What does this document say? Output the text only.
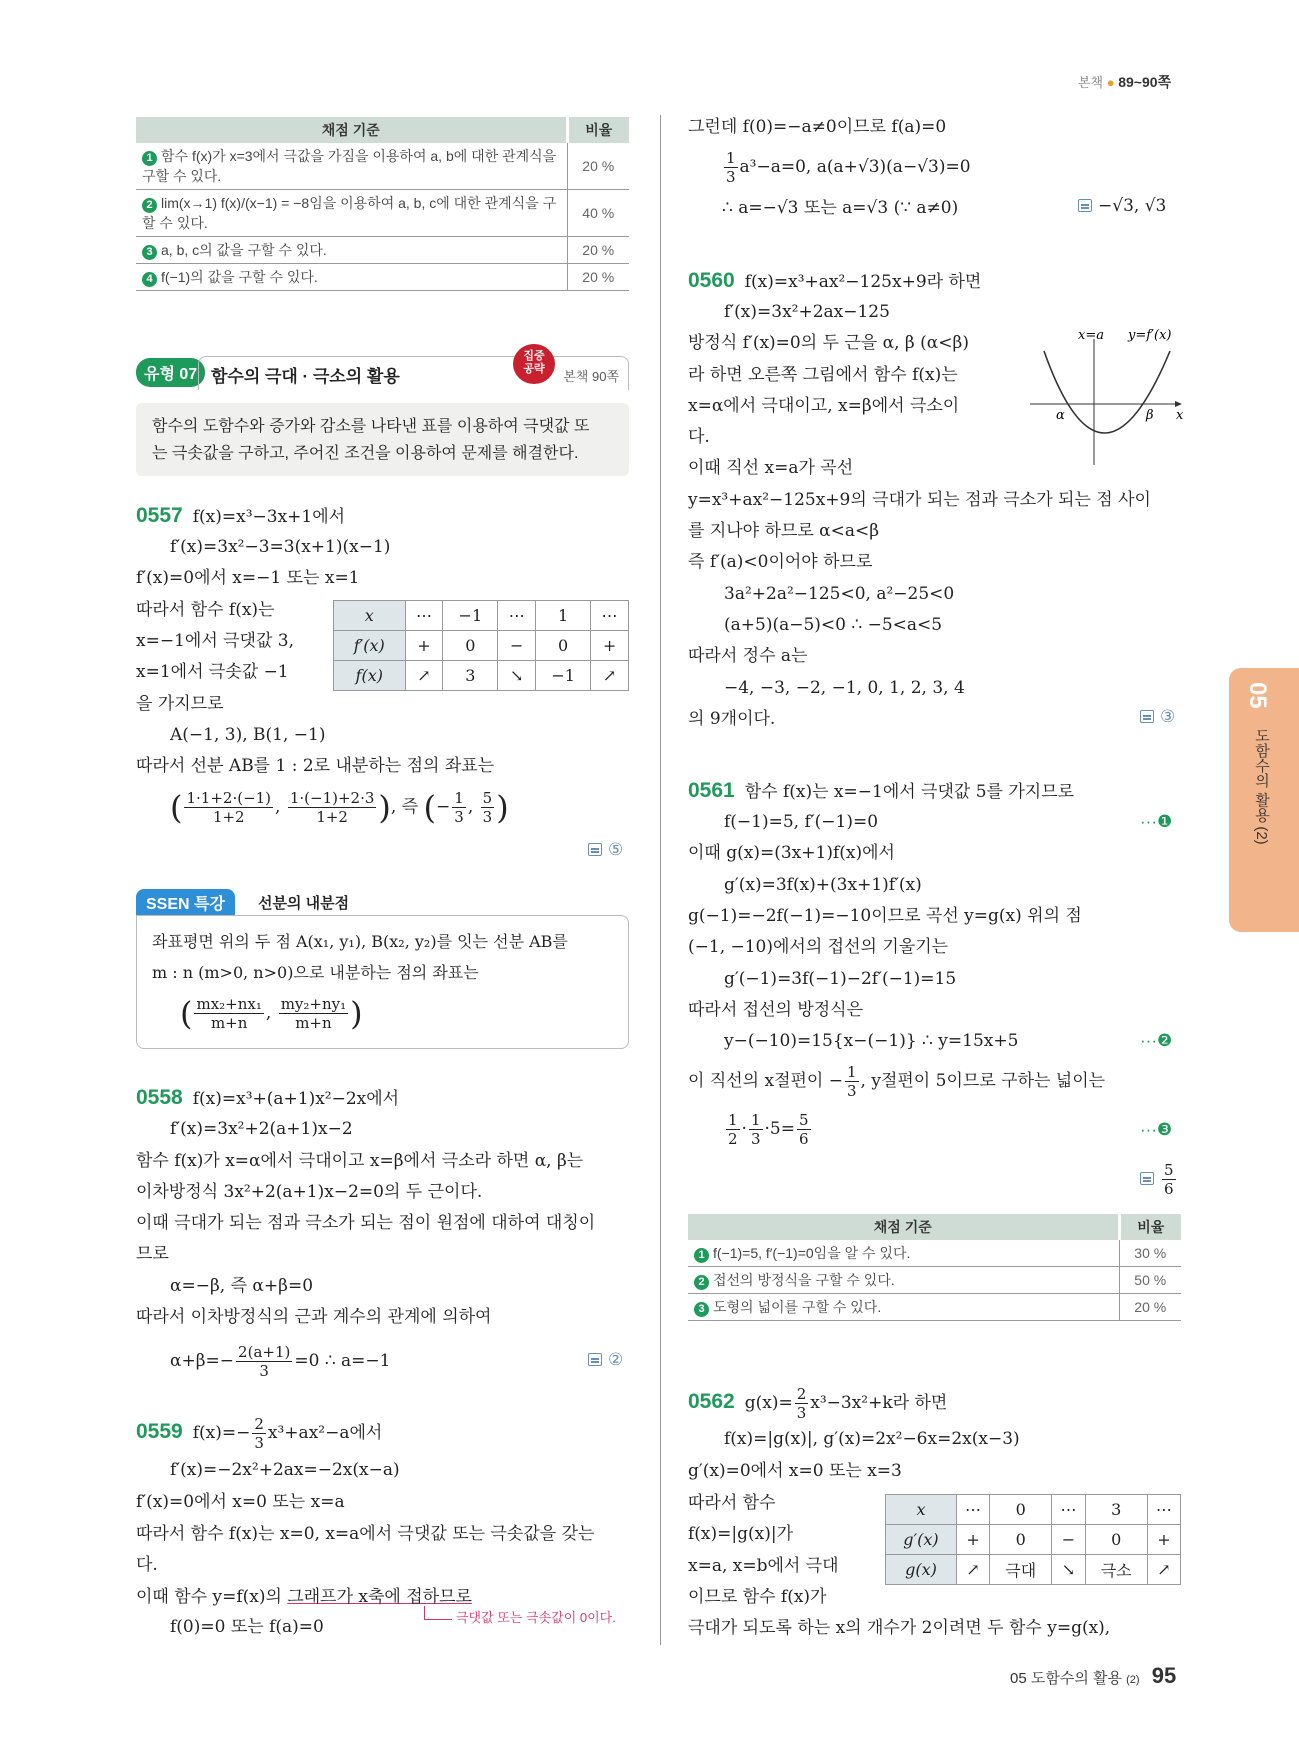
본책 ● 89~90쪽
채점 기준	비율
1 함수 f(x)가 x=3에서 극값을 가짐을 이용하여 a, b에 대한 관계식을 구할 수 있다.	20 %
2 lim(x→1) f(x)/(x−1) = −8임을 이용하여 a, b, c에 대한 관계식을 구할 수 있다.	40 %
3 a, b, c의 값을 구할 수 있다.	20 %
4 f(−1)의 값을 구할 수 있다.	20 %
유형 07 함수의 극대 · 극소의 활용
집중 공략	본책 90쪽
함수의 도함수와 증가와 감소를 나타낸 표를 이용하여 극댓값 또
는 극솟값을 구하고, 주어진 조건을 이용하여 문제를 해결한다.
0557 f(x)=x³−3x+1에서
f′(x)=3x²−3=3(x+1)(x−1)
f′(x)=0에서 x=−1 또는 x=1
따라서 함수 f(x)는
x=−1에서 극댓값 3,
x=1에서 극솟값 −1
을 가지므로
x	⋯	−1	⋯	1	⋯
f′(x)	+	0	−	0	+
f(x)	↗	3	↘	−1	↗
A(−1, 3), B(1, −1)
따라서 선분 AB를 1 : 2로 내분하는 점의 좌표는
( $\frac{1\cdot 1+2\cdot(-1)}{1+2}$ , $\frac{1\cdot(-1)+2\cdot 3}{1+2}$ ), 즉 (− $\frac{1}{3}$ , $\frac{5}{3}$ )
⑤
SSEN 특강	선분의 내분점
좌표평면 위의 두 점 A(x₁, y₁), B(x₂, y₂)를 잇는 선분 AB를
m : n (m>0, n>0)으로 내분하는 점의 좌표는
( $\frac{\text{mx₂+nx₁}}{m+n}$ , $\frac{\text{my₂+ny₁}}{m+n}$ )
0558 f(x)=x³+(a+1)x²−2x에서
f′(x)=3x²+2(a+1)x−2
함수 f(x)가 x=α에서 극대이고 x=β에서 극소라 하면 α, β는
이차방정식 3x²+2(a+1)x−2=0의 두 근이다.
이때 극대가 되는 점과 극소가 되는 점이 원점에 대하여 대칭이
므로
α=−β, 즉 α+β=0
따라서 이차방정식의 근과 계수의 관계에 의하여
$\alpha+\beta=- \frac{2(a+1)}{3} =0$ ∴ a=−1	②
0559 $f(x)=- \frac{2}{3} x^3+ax^2-a$에서
f′(x)=−2x²+2ax=−2x(x−a)
f′(x)=0에서 x=0 또는 x=a
따라서 함수 f(x)는 x=0, x=a에서 극댓값 또는 극솟값을 갖는
다.
이때 함수 y=f(x)의 그래프가 x축에 접하므로
극댓값 또는 극솟값이 0이다.
f(0)=0 또는 f(a)=0
그런데 f(0)=−a≠0이므로 f(a)=0
$\frac{1}{3} a^3-a=0$, a(a+√3)(a−√3)=0
∴ a=−√3 또는 a=√3 (∵ a≠0)	−√3, √3
0560 f(x)=x³+ax²−125x+9라 하면
f′(x)=3x²+2ax−125
방정식 f′(x)=0의 두 근을 α, β (α<β)
라 하면 오른쪽 그림에서 함수 f(x)는
x=α에서 극대이고, x=β에서 극소이
다.
이때 직선 x=a가 곡선
y=x³+ax²−125x+9의 극대가 되는 점과 극소가 되는 점 사이
를 지나야 하므로 α<a<β
즉 f′(a)<0이어야 하므로
3a²+2a²−125<0, a²−25<0
(a+5)(a−5)<0 ∴ −5<a<5
따라서 정수 a는
−4, −3, −2, −1, 0, 1, 2, 3, 4
의 9개이다.	③
x=a y=f′(x)
α	β x
0561 함수 f(x)는 x=−1에서 극댓값 5를 가지므로
f(−1)=5, f′(−1)=0	···❶
이때 g(x)=(3x+1)f(x)에서
g′(x)=3f(x)+(3x+1)f′(x)
g(−1)=−2f(−1)=−10이므로 곡선 y=g(x) 위의 점
(−1, −10)에서의 접선의 기울기는
g′(−1)=3f(−1)−2f′(−1)=15
따라서 접선의 방정식은
y−(−10)=15{x−(−1)} ∴ y=15x+5	···❷
이 직선의 x절편이 − $\frac{1}{3}$ , y절편이 5이므로 구하는 넓이는
$\frac{1}{2} \cdot \frac{1}{3} \cdot 5= \frac{5}{6}$	···❸
$\frac{5}{6}$
채점 기준	비율
1 f(−1)=5, f′(−1)=0임을 알 수 있다.	30 %
2 접선의 방정식을 구할 수 있다.	50 %
3 도형의 넓이를 구할 수 있다.	20 %
0562 $g(x)= \frac{2}{3} x^3-3x^2+k$라 하면
f(x)=|g(x)|, g′(x)=2x²−6x=2x(x−3)
g′(x)=0에서 x=0 또는 x=3
따라서 함수
f(x)=|g(x)|가
x=a, x=b에서 극대
이므로 함수 f(x)가
극대가 되도록 하는 x의 개수가 2이려면 두 함수 y=g(x),
x	⋯	0	⋯	3	⋯
g′(x)	+	0	−	0	+
g(x)	↗	극대	↘	극소	↗
05
도함수의 활용 (2)
05 도함수의 활용 (2) 95
